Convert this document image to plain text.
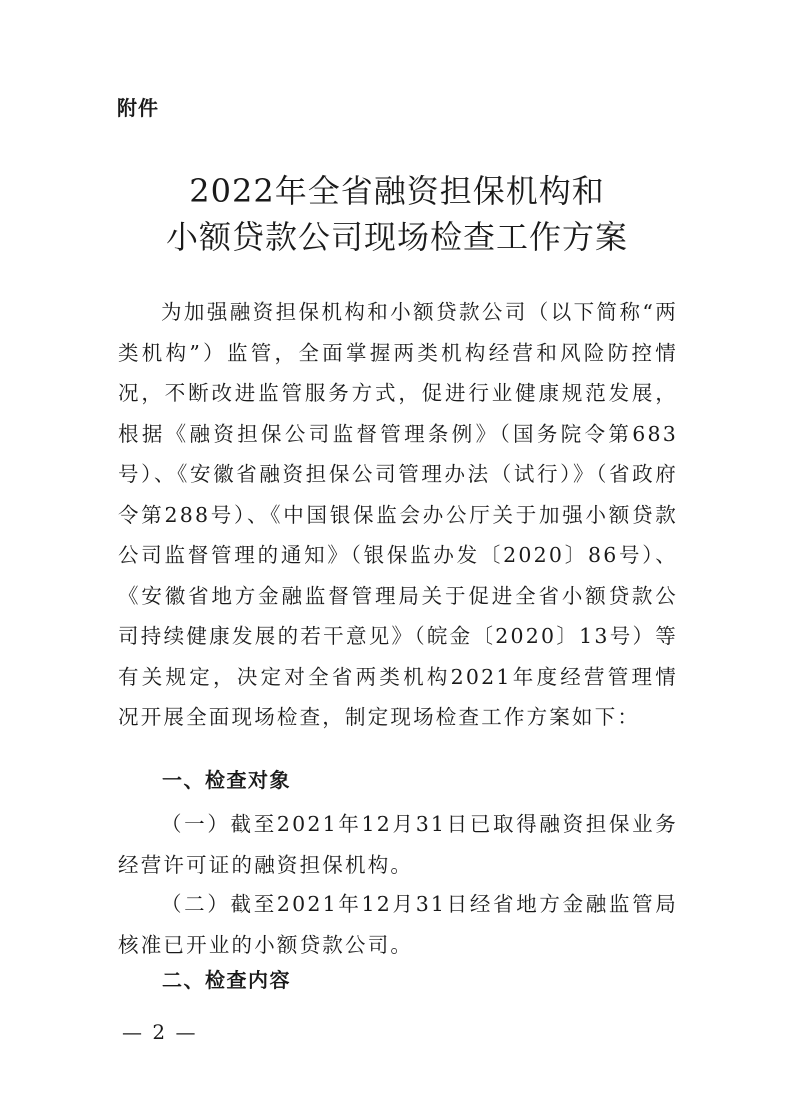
附件
2022年全省融资担保机构和
小额贷款公司现场检查工作方案

为加强融资担保机构和小额贷款公司（以下简称“两类机构”）监管，全面掌握两类机构经营和风险防控情况，不断改进监管服务方式，促进行业健康规范发展，根据《融资担保公司监督管理条例》（国务院令第683号）、《安徽省融资担保公司管理办法（试行）》（省政府令第288号）、《中国银保监会办公厅关于加强小额贷款公司监督管理的通知》（银保监办发〔2020〕86号）、《安徽省地方金融监督管理局关于促进全省小额贷款公司持续健康发展的若干意见》（皖金〔2020〕13号）等有关规定，决定对全省两类机构2021年度经营管理情况开展全面现场检查，制定现场检查工作方案如下：

一、检查对象

（一）截至2021年12月31日已取得融资担保业务经营许可证的融资担保机构。

（二）截至2021年12月31日经省地方金融监管局核准已开业的小额贷款公司。

二、检查内容
— 2 —
